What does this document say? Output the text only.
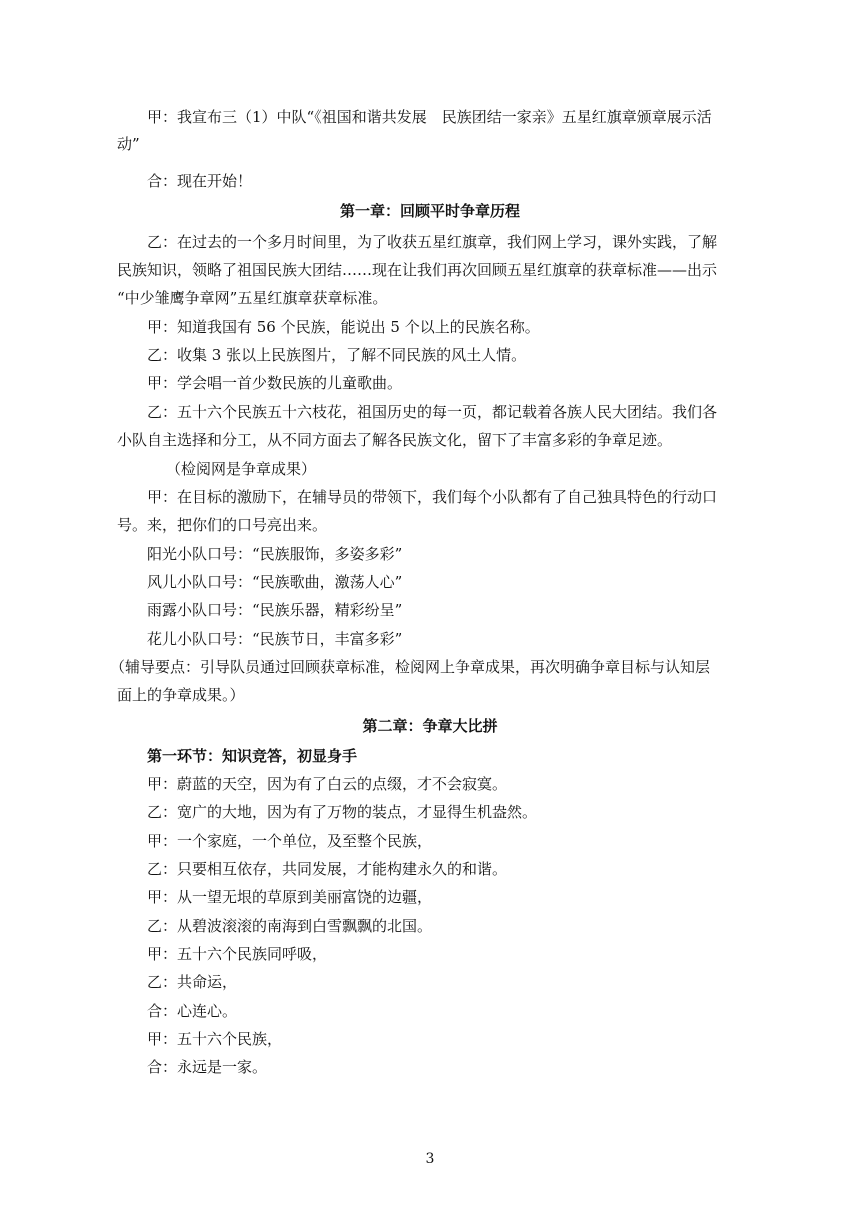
甲：我宣布三（1）中队“《祖国和谐共发展　民族团结一家亲》五星红旗章颁章展示活
动”
合：现在开始！
第一章：回顾平时争章历程
乙：在过去的一个多月时间里，为了收获五星红旗章，我们网上学习，课外实践，了解
民族知识，领略了祖国民族大团结……现在让我们再次回顾五星红旗章的获章标准——出示
“中少雏鹰争章网”五星红旗章获章标准。
甲：知道我国有 56 个民族，能说出 5 个以上的民族名称。
乙：收集 3 张以上民族图片，了解不同民族的风土人情。
甲：学会唱一首少数民族的儿童歌曲。
乙：五十六个民族五十六枝花，祖国历史的每一页，都记载着各族人民大团结。我们各
小队自主选择和分工，从不同方面去了解各民族文化，留下了丰富多彩的争章足迹。
（检阅网是争章成果）
甲：在目标的激励下，在辅导员的带领下，我们每个小队都有了自己独具特色的行动口
号。来，把你们的口号亮出来。
阳光小队口号：“民族服饰，多姿多彩”
风儿小队口号：“民族歌曲，激荡人心”
雨露小队口号：“民族乐器，精彩纷呈”
花儿小队口号：“民族节日，丰富多彩”
（辅导要点：引导队员通过回顾获章标准，检阅网上争章成果，再次明确争章目标与认知层
面上的争章成果。）
第二章：争章大比拼
第一环节：知识竞答，初显身手
甲：蔚蓝的天空，因为有了白云的点缀，才不会寂寞。
乙：宽广的大地，因为有了万物的装点，才显得生机盎然。
甲：一个家庭，一个单位，及至整个民族，
乙：只要相互依存，共同发展，才能构建永久的和谐。
甲：从一望无垠的草原到美丽富饶的边疆，
乙：从碧波滚滚的南海到白雪飘飘的北国。
甲：五十六个民族同呼吸，
乙：共命运，
合：心连心。
甲：五十六个民族，
合：永远是一家。
3
